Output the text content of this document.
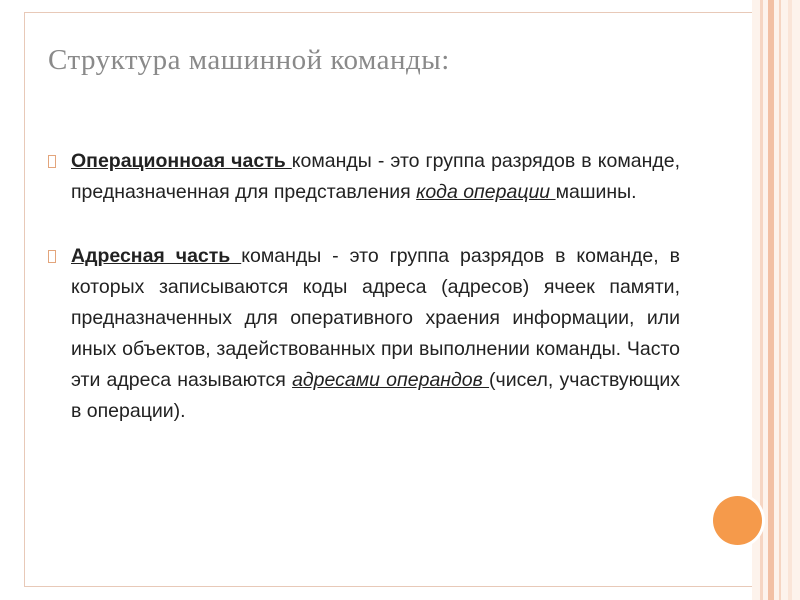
Структура машинной команды:
Операционноая часть команды - это группа разрядов в команде, предназначенная для представления кода операции машины.
Адресная часть команды - это группа разрядов в команде, в которых записываются коды адреса (адресов) ячеек памяти, предназначенных для оперативного храения информации, или иных объектов, задействованных при выполнении команды. Часто эти адреса называются адресами операндов (чисел, участвующих в операции).
